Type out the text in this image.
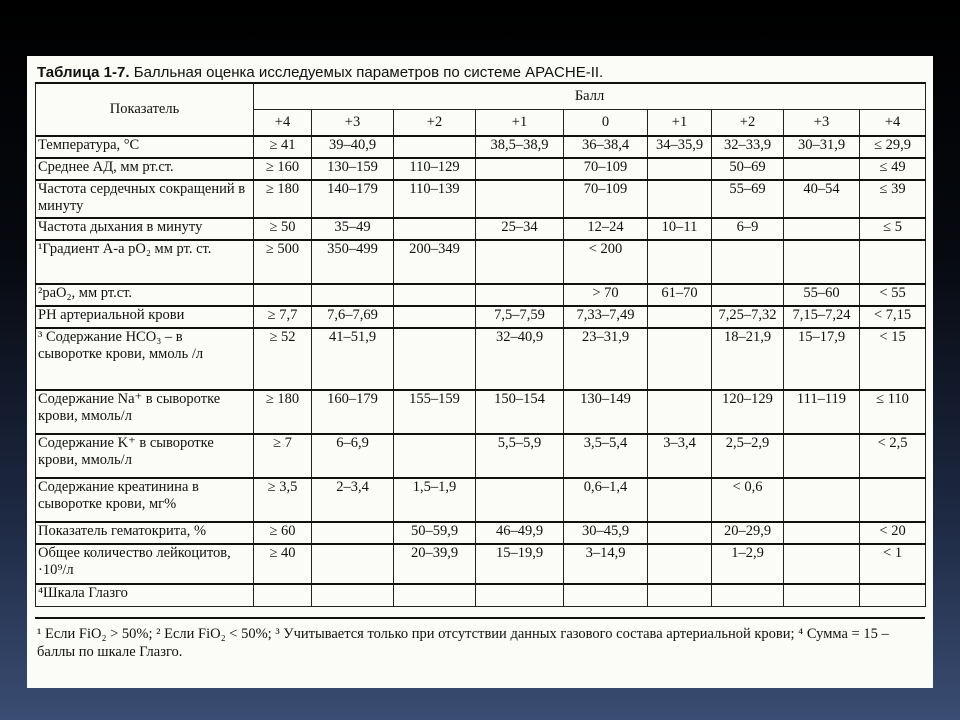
Таблица 1-7. Балльная оценка исследуемых параметров по системе APACHE-II.
Показатель	Балл								
	+4	+3	+2	+1	0	+1	+2	+3	+4
Температура, °С	≥ 41	39–40,9		38,5–38,9	36–38,4	34–35,9	32–33,9	30–31,9	≤ 29,9
Среднее АД, мм рт.ст.	≥ 160	130–159	110–129		70–109		50–69		≤ 49
Частота сердечных сокращений в минуту	≥ 180	140–179	110–139		70–109		55–69	40–54	≤ 39
Частота дыхания в минуту	≥ 50	35–49		25–34	12–24	10–11	6–9		≤ 5
¹Градиент А-а рО₂ мм рт. ст.	≥ 500	350–499	200–349		< 200				
²раО₂, мм рт.ст.					> 70	61–70		55–60	< 55
РН артериальной крови	≥ 7,7	7,6–7,69		7,5–7,59	7,33–7,49		7,25–7,32	7,15–7,24	< 7,15
³ Содержание НСО₃ – в сыворотке крови, ммоль /л	≥ 52	41–51,9		32–40,9	23–31,9		18–21,9	15–17,9	< 15
Содержание Na⁺ в сыворотке крови, ммоль/л	≥ 180	160–179	155–159	150–154	130–149		120–129	111–119	≤ 110
Содержание K⁺ в сыворотке крови, ммоль/л	≥ 7	6–6,9		5,5–5,9	3,5–5,4	3–3,4	2,5–2,9		< 2,5
Содержание креатинина в сыворотке крови, мг%	≥ 3,5	2–3,4	1,5–1,9		0,6–1,4		< 0,6		
Показатель гематокрита, %	≥ 60		50–59,9	46–49,9	30–45,9		20–29,9		< 20
Общее количество лейкоцитов, ·10⁹/л	≥ 40		20–39,9	15–19,9	3–14,9		1–2,9		< 1
⁴Шкала Глазго									
¹ Если FiO₂ > 50%; ² Если FiO₂ < 50%; ³ Учитывается только при отсутствии данных газового состава артериальной крови; ⁴ Сумма = 15 – баллы по шкале Глазго.
